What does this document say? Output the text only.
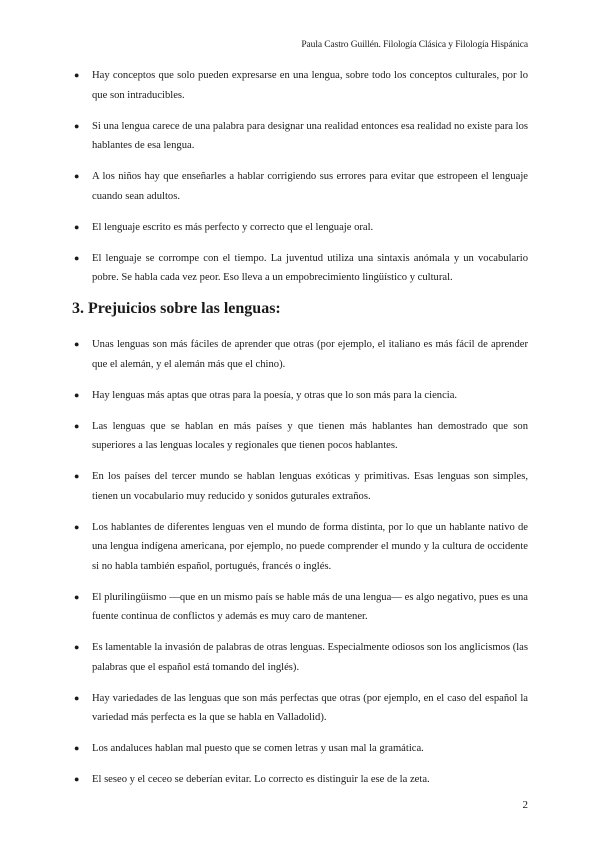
Paula Castro Guillén. Filología Clásica y Filología Hispánica
● Hay conceptos que solo pueden expresarse en una lengua, sobre todo los conceptos culturales, por lo que son intraducibles.
● Si una lengua carece de una palabra para designar una realidad entonces esa realidad no existe para los hablantes de esa lengua.
● A los niños hay que enseñarles a hablar corrigiendo sus errores para evitar que estropeen el lenguaje cuando sean adultos.
● El lenguaje escrito es más perfecto y correcto que el lenguaje oral.
● El lenguaje se corrompe con el tiempo. La juventud utiliza una sintaxis anómala y un vocabulario pobre. Se habla cada vez peor. Eso lleva a un empobrecimiento lingüístico y cultural.
3. Prejuicios sobre las lenguas:
● Unas lenguas son más fáciles de aprender que otras (por ejemplo, el italiano es más fácil de aprender que el alemán, y el alemán más que el chino).
● Hay lenguas más aptas que otras para la poesía, y otras que lo son más para la ciencia.
● Las lenguas que se hablan en más países y que tienen más hablantes han demostrado que son superiores a las lenguas locales y regionales que tienen pocos hablantes.
● En los países del tercer mundo se hablan lenguas exóticas y primitivas. Esas lenguas son simples, tienen un vocabulario muy reducido y sonidos guturales extraños.
● Los hablantes de diferentes lenguas ven el mundo de forma distinta, por lo que un hablante nativo de una lengua indígena americana, por ejemplo, no puede comprender el mundo y la cultura de occidente si no habla también español, portugués, francés o inglés.
● El plurilingüismo —que en un mismo país se hable más de una lengua— es algo negativo, pues es una fuente continua de conflictos y además es muy caro de mantener.
● Es lamentable la invasión de palabras de otras lenguas. Especialmente odiosos son los anglicismos (las palabras que el español está tomando del inglés).
● Hay variedades de las lenguas que son más perfectas que otras (por ejemplo, en el caso del español la variedad más perfecta es la que se habla en Valladolid).
● Los andaluces hablan mal puesto que se comen letras y usan mal la gramática.
● El seseo y el ceceo se deberían evitar. Lo correcto es distinguir la ese de la zeta.
2
